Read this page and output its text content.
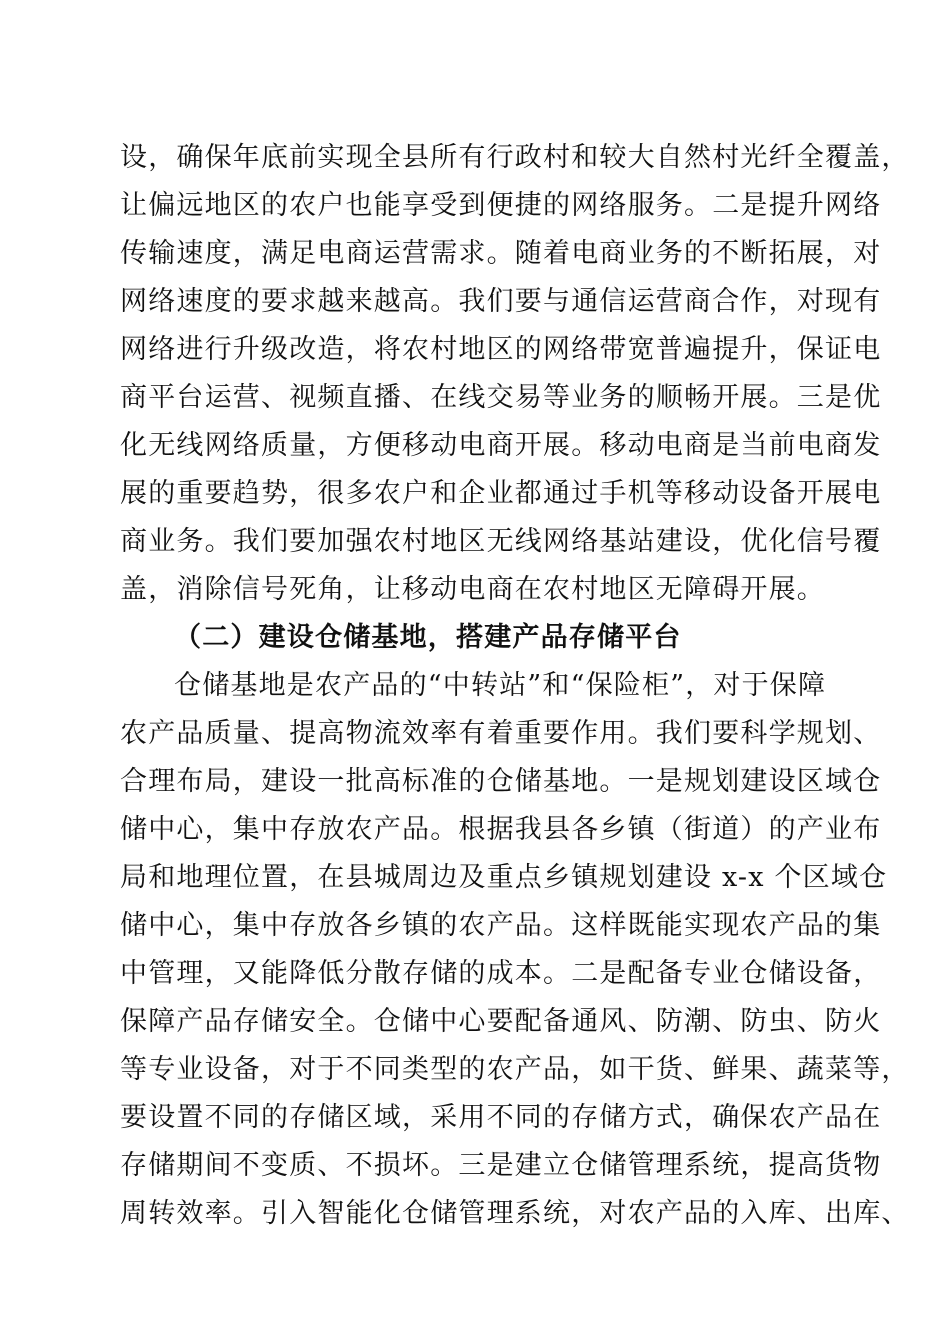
设，确保年底前实现全县所有行政村和较大自然村光纤全覆盖，
让偏远地区的农户也能享受到便捷的网络服务。二是提升网络
传输速度，满足电商运营需求。随着电商业务的不断拓展，对
网络速度的要求越来越高。我们要与通信运营商合作，对现有
网络进行升级改造，将农村地区的网络带宽普遍提升，保证电
商平台运营、视频直播、在线交易等业务的顺畅开展。三是优
化无线网络质量，方便移动电商开展。移动电商是当前电商发
展的重要趋势，很多农户和企业都通过手机等移动设备开展电
商业务。我们要加强农村地区无线网络基站建设，优化信号覆
盖，消除信号死角，让移动电商在农村地区无障碍开展。
（二）建设仓储基地，搭建产品存储平台
仓储基地是农产品的“中转站”和“保险柜”，对于保障
农产品质量、提高物流效率有着重要作用。我们要科学规划、
合理布局，建设一批高标准的仓储基地。一是规划建设区域仓
储中心，集中存放农产品。根据我县各乡镇（街道）的产业布
局和地理位置，在县城周边及重点乡镇规划建设 x-x 个区域仓
储中心，集中存放各乡镇的农产品。这样既能实现农产品的集
中管理，又能降低分散存储的成本。二是配备专业仓储设备，
保障产品存储安全。仓储中心要配备通风、防潮、防虫、防火
等专业设备，对于不同类型的农产品，如干货、鲜果、蔬菜等，
要设置不同的存储区域，采用不同的存储方式，确保农产品在
存储期间不变质、不损坏。三是建立仓储管理系统，提高货物
周转效率。引入智能化仓储管理系统，对农产品的入库、出库、
